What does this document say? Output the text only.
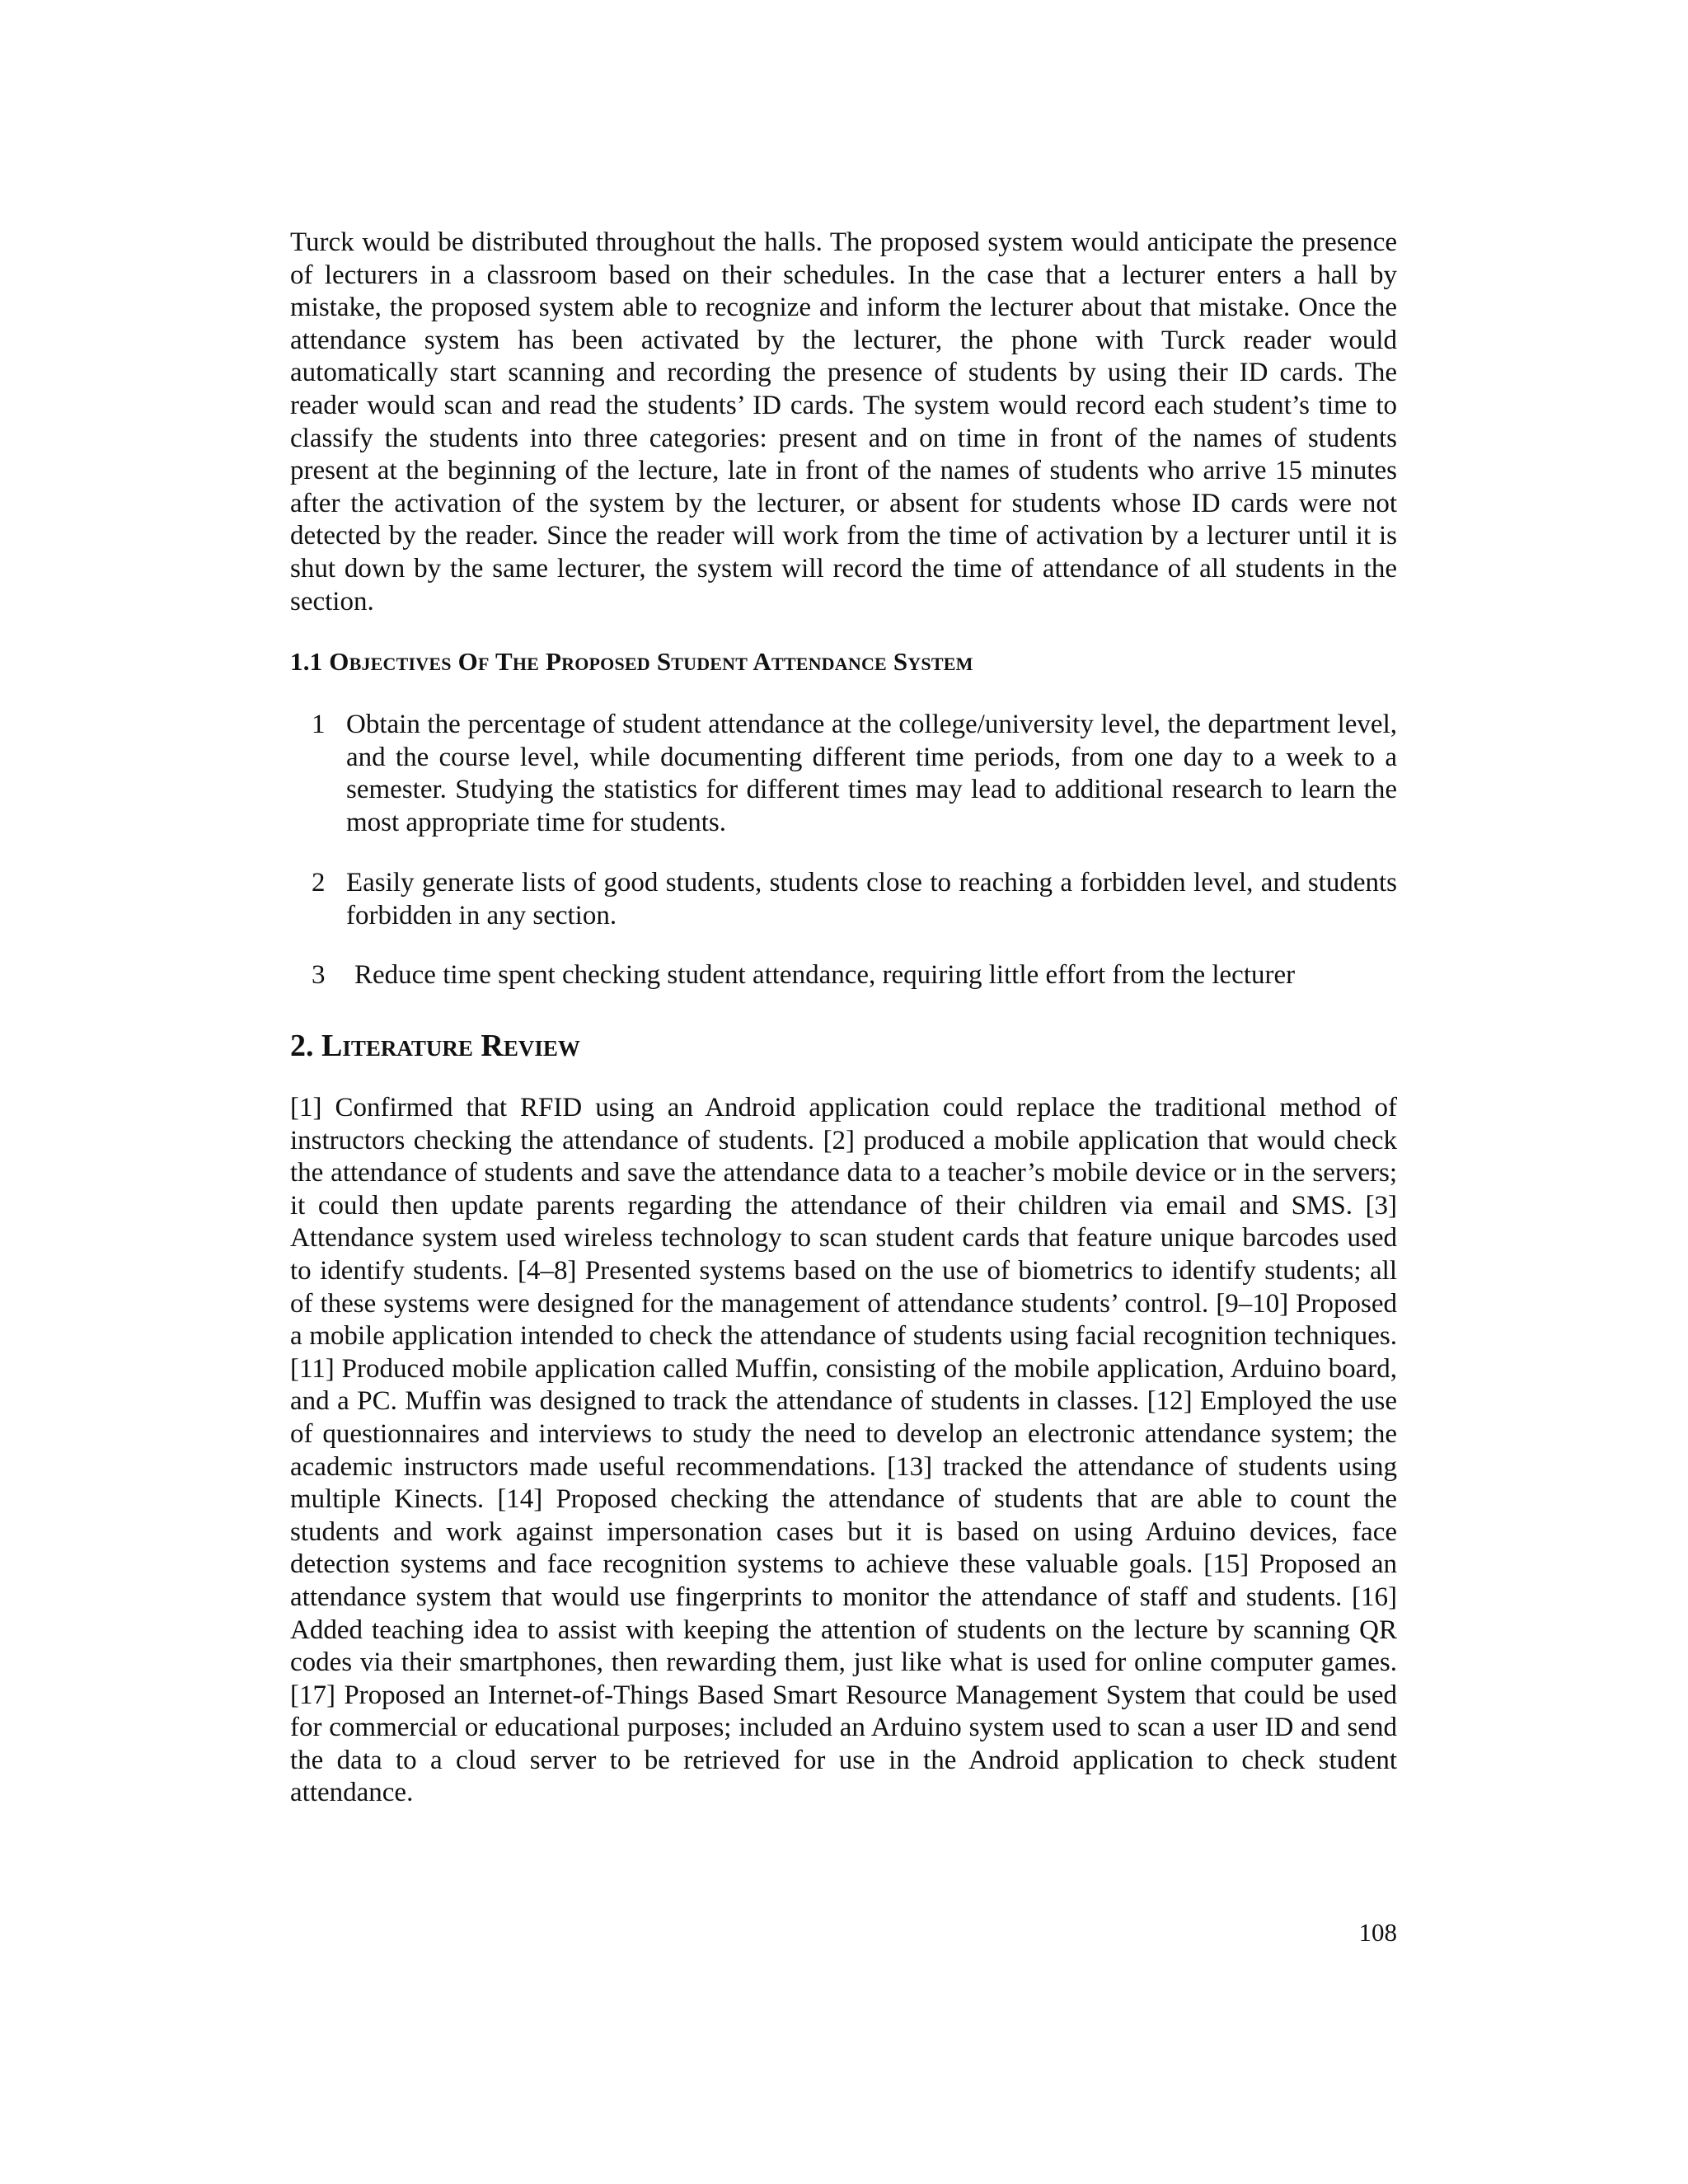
Turck would be distributed throughout the halls. The proposed system would anticipate the presence of lecturers in a classroom based on their schedules. In the case that a lecturer enters a hall by mistake, the proposed system able to recognize and inform the lecturer about that mistake. Once the attendance system has been activated by the lecturer, the phone with Turck reader would automatically start scanning and recording the presence of students by using their ID cards. The reader would scan and read the students’ ID cards. The system would record each student’s time to classify the students into three categories: present and on time in front of the names of students present at the beginning of the lecture, late in front of the names of students who arrive 15 minutes after the activation of the system by the lecturer, or absent for students whose ID cards were not detected by the reader. Since the reader will work from the time of activation by a lecturer until it is shut down by the same lecturer, the system will record the time of attendance of all students in the section.

1.1 Objectives Of The Proposed Student Attendance System
1 Obtain the percentage of student attendance at the college/university level, the department level, and the course level, while documenting different time periods, from one day to a week to a semester. Studying the statistics for different times may lead to additional research to learn the most appropriate time for students.
2 Easily generate lists of good students, students close to reaching a forbidden level, and students forbidden in any section.
3	Reduce time spent checking student attendance, requiring little effort from the lecturer
2. Literature Review

[1] Confirmed that RFID using an Android application could replace the traditional method of instructors checking the attendance of students. [2] produced a mobile application that would check the attendance of students and save the attendance data to a teacher’s mobile device or in the servers; it could then update parents regarding the attendance of their children via email and SMS. [3] Attendance system used wireless technology to scan student cards that feature unique barcodes used to identify students. [4–8] Presented systems based on the use of biometrics to identify students; all of these systems were designed for the management of attendance students’ control. [9–10] Proposed a mobile application intended to check the attendance of students using facial recognition techniques. [11] Produced mobile application called Muffin, consisting of the mobile application, Arduino board, and a PC. Muffin was designed to track the attendance of students in classes. [12] Employed the use of questionnaires and interviews to study the need to develop an electronic attendance system; the academic instructors made useful recommendations. [13] tracked the attendance of students using multiple Kinects. [14] Proposed checking the attendance of students that are able to count the students and work against impersonation cases but it is based on using Arduino devices, face detection systems and face recognition systems to achieve these valuable goals. [15] Proposed an attendance system that would use fingerprints to monitor the attendance of staff and students. [16] Added teaching idea to assist with keeping the attention of students on the lecture by scanning QR codes via their smartphones, then rewarding them, just like what is used for online computer games. [17] Proposed an Internet-of-Things Based Smart Resource Management System that could be used for commercial or educational purposes; included an Arduino system used to scan a user ID and send the data to a cloud server to be retrieved for use in the Android application to check student attendance.

108
